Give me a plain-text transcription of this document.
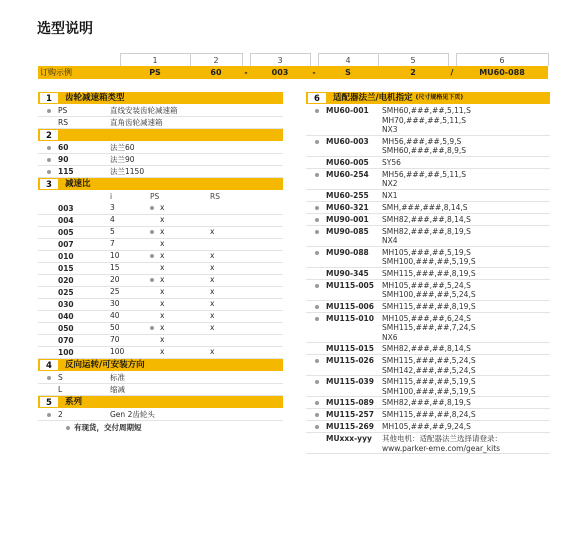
选型说明
	1	2		3		4	5		6
订购示例	PS	60	-	003	-	S	2	/	MU60-088
1	齿轮减速箱类型
PS	直线安装齿轮减速箱
RS	直角齿轮减速箱
2
60	法兰60
90	法兰90
115	法兰1150
3	减速比
i	PS	RS
003	3	x
004	4	x
005	5	x	x
007	7	x
010	10	x	x
015	15	x	x
020	20	x	x
025	25	x	x
030	30	x	x
040	40	x	x
050	50	x	x
070	70	x
100	100	x	x
4	反向运转/可安装方向
S	标准
L	缩减
5	系列
2	Gen 2齿轮头
有现货，交付周期短
6	适配器法兰/电机指定 (尺寸规格见下页)
MU60-001	SMH60,###,##,5,11,S
MH70,###,##,5,11,S
NX3
MU60-003	MH56,###,##,5,9,S
SMH60,###,##,8,9,S
MU60-005	SY56
MU60-254	MH56,###,##,5,11,S
NX2
MU60-255	NX1
MU60-321	SMH,###,###,8,14,S
MU90-001	SMH82,###,##,8,14,S
MU90-085	SMH82,###,##,8,19,S
NX4
MU90-088	MH105,###,##,5,19,S
SMH100,###,##,5,19,S
MU90-345	SMH115,###,##,8,19,S
MU115-005	MH105,###,##,5,24,S
SMH100,###,##,5,24,S
MU115-006	SMH115,###,##,8,19,S
MU115-010	MH105,###,##,6,24,S
SMH115,###,##,7,24,S
NX6
MU115-015	SMH82,###,##,8,14,S
MU115-026	SMH115,###,##,5,24,S
SMH142,###,##,5,24,S
MU115-039	SMH115,###,##,5,19,S
SMH100,###,##,5,19,S
MU115-089	SMH82,###,##,8,19,S
MU115-257	SMH115,###,##,8,24,S
MU115-269	MH105,###,##,9,24,S
MUxxx-yyy	其他电机：适配器法兰选择请登录：
www.parker-eme.com/gear_kits
